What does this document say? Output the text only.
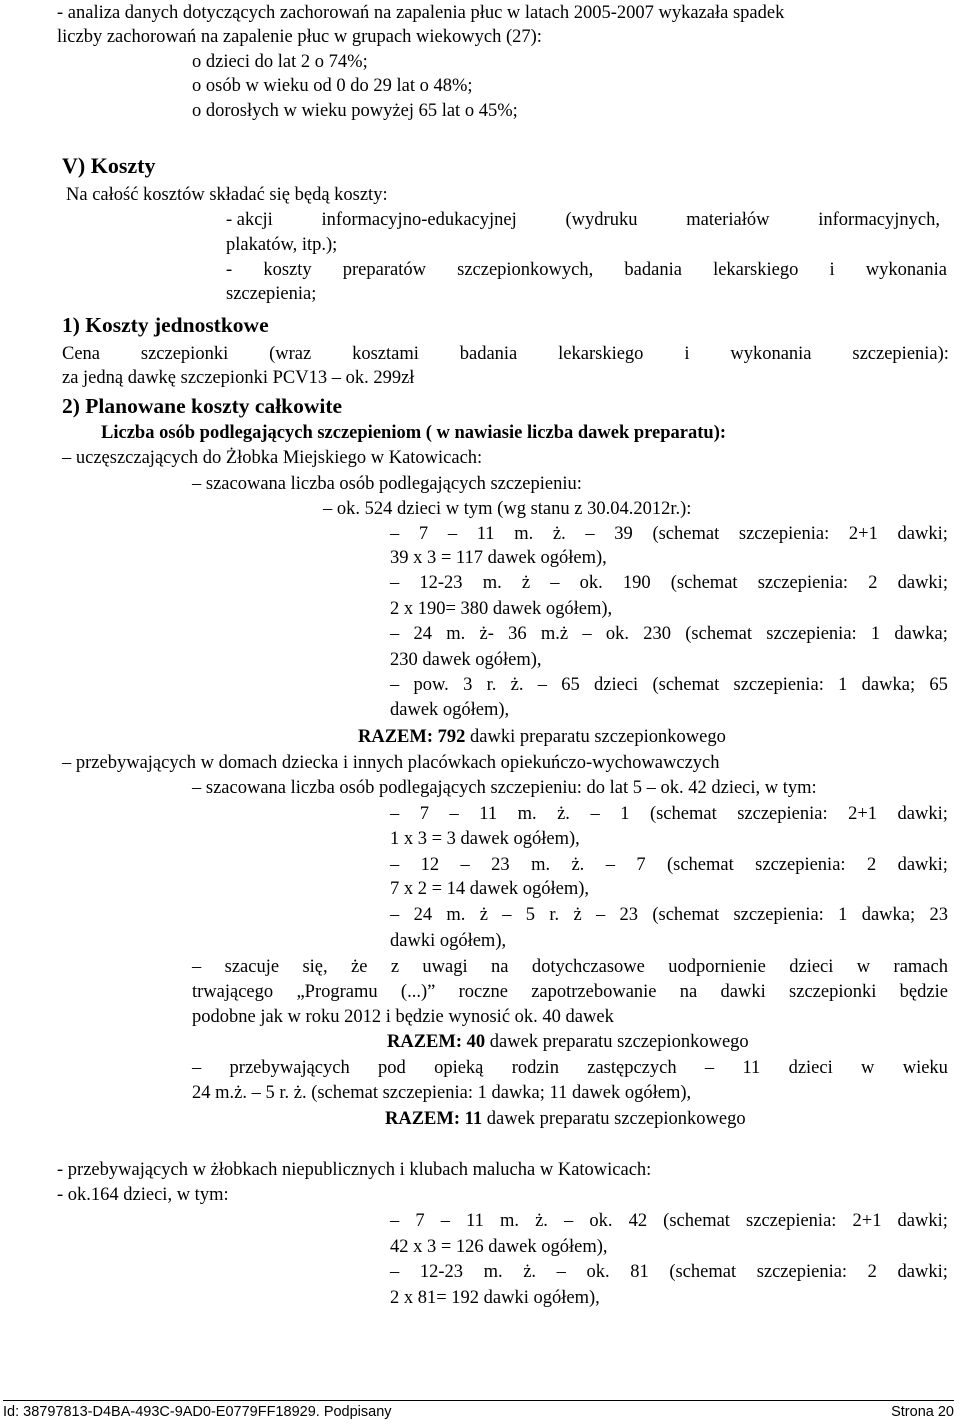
- analiza danych dotyczących zachorowań na zapalenia płuc w latach 2005-2007 wykazała spadek
liczby zachorowań na zapalenie płuc w grupach wiekowych (27):
o dzieci do lat 2 o 74%;
o osób w wieku od 0 do 29 lat o 48%;
o dorosłych w wieku powyżej 65 lat o 45%;
V) Koszty
Na całość kosztów składać się będą koszty:
- akcji	informacyjno-edukacyjnej	(wydruku	materiałów	informacyjnych,
plakatów, itp.);
- koszty preparatów szczepionkowych, badania lekarskiego i wykonania
szczepienia;
1) Koszty jednostkowe
Cena szczepionki (wraz kosztami badania lekarskiego i wykonania szczepienia):
za jedną dawkę szczepionki PCV13 – ok. 299zł
2) Planowane koszty całkowite
Liczba osób podlegających szczepieniom ( w nawiasie liczba dawek preparatu):
– uczęszczających do Żłobka Miejskiego w Katowicach:
– szacowana liczba osób podlegających szczepieniu:
– ok. 524 dzieci w tym (wg stanu z 30.04.2012r.):
– 7 – 11 m. ż. – 39 (schemat szczepienia: 2+1 dawki;
39 x 3 = 117 dawek ogółem),
– 12-23 m. ż – ok. 190 (schemat szczepienia: 2 dawki;
2 x 190= 380 dawek ogółem),
– 24 m. ż- 36 m.ż – ok. 230 (schemat szczepienia: 1 dawka;
230 dawek ogółem),
– pow. 3 r. ż. – 65 dzieci (schemat szczepienia: 1 dawka; 65
dawek ogółem),
RAZEM: 792 dawki preparatu szczepionkowego
– przebywających w domach dziecka i innych placówkach opiekuńczo-wychowawczych
– szacowana liczba osób podlegających szczepieniu: do lat 5 – ok. 42 dzieci, w tym:
– 7 – 11 m. ż. – 1 (schemat szczepienia: 2+1 dawki;
1 x 3 = 3 dawek ogółem),
– 12 – 23 m. ż. – 7 (schemat szczepienia: 2 dawki;
7 x 2 = 14 dawek ogółem),
– 24 m. ż – 5 r. ż – 23 (schemat szczepienia: 1 dawka; 23
dawki ogółem),
– szacuje się, że z uwagi na dotychczasowe uodpornienie dzieci w ramach
trwającego „Programu (...)” roczne zapotrzebowanie na dawki szczepionki będzie
podobne jak w roku 2012 i będzie wynosić ok. 40 dawek
RAZEM: 40 dawek preparatu szczepionkowego
– przebywających pod opieką rodzin zastępczych – 11 dzieci w wieku
24 m.ż. – 5 r. ż. (schemat szczepienia: 1 dawka; 11 dawek ogółem),
RAZEM: 11 dawek preparatu szczepionkowego
- przebywających w żłobkach niepublicznych i klubach malucha w Katowicach:
- ok.164 dzieci, w tym:
– 7 – 11 m. ż. – ok. 42 (schemat szczepienia: 2+1 dawki;
42 x 3 = 126 dawek ogółem),
– 12-23 m. ż. – ok. 81 (schemat szczepienia: 2 dawki;
2 x 81= 192 dawki ogółem),
Id: 38797813-D4BA-493C-9AD0-E0779FF18929. Podpisany	Strona 20
